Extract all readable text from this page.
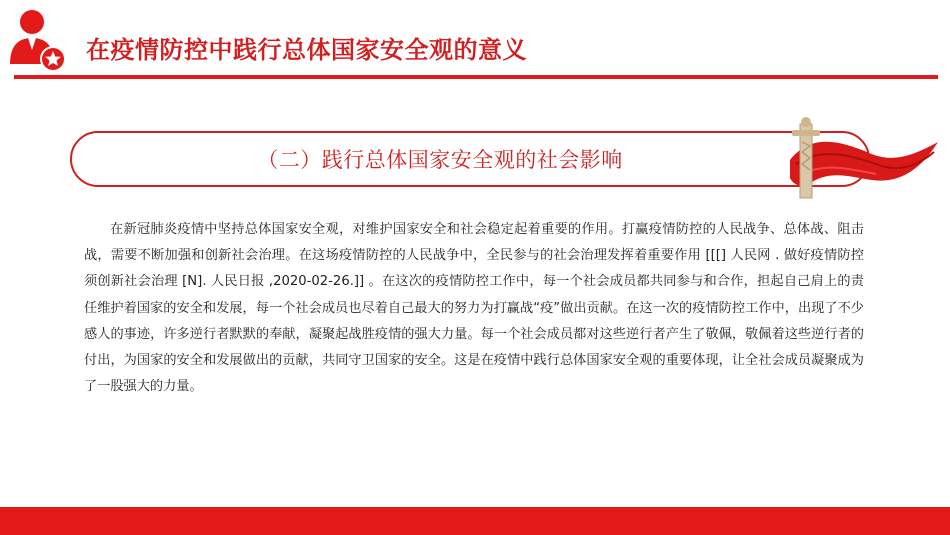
在疫情防控中践行总体国家安全观的意义
（二）践行总体国家安全观的社会影响

在新冠肺炎疫情中坚持总体国家安全观，对维护国家安全和社会稳定起着重要的作用。打赢疫情防控的人民战争、总体战、阻击战，需要不断加强和创新社会治理。在这场疫情防控的人民战争中，全民参与的社会治理发挥着重要作用 [[[] 人民网 . 做好疫情防控须创新社会治理 [N]. 人民日报 ,2020-02-26.]] 。在这次的疫情防控工作中，每一个社会成员都共同参与和合作，担起自己肩上的责任维护着国家的安全和发展，每一个社会成员也尽着自己最大的努力为打赢战“疫”做出贡献。在这一次的疫情防控工作中，出现了不少感人的事迹，许多逆行者默默的奉献，凝聚起战胜疫情的强大力量。每一个社会成员都对这些逆行者产生了敬佩，敬佩着这些逆行者的付出，为国家的安全和发展做出的贡献，共同守卫国家的安全。这是在疫情中践行总体国家安全观的重要体现，让全社会成员凝聚成为了一股强大的力量。
